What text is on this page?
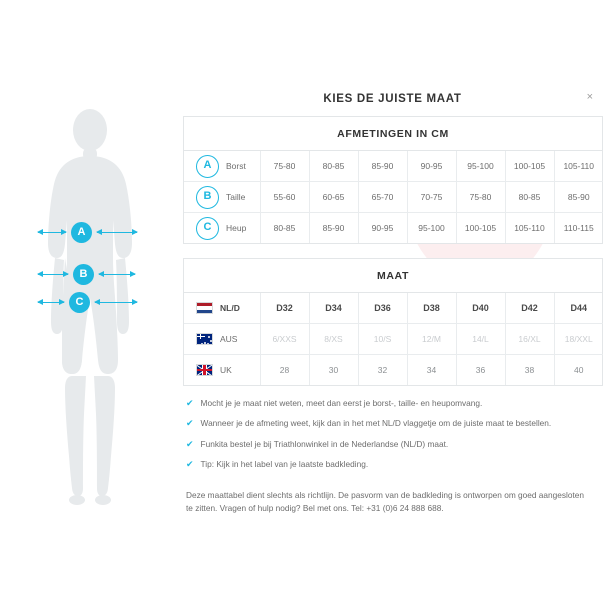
A
B
C
KIES DE JUISTE MAAT	×
AFMETINGEN IN CM
A Borst	75-80	80-85	85-90	90-95	95-100	100-105	105-110

B Taille	55-60	60-65	65-70	70-75	75-80	80-85	85-90

C Heup	80-85	85-90	90-95	95-100	100-105	105-110	110-115
MAAT
NL/D	D32	D34	D36	D38	D40	D42	D44

AUS	6/XXS	8/XS	10/S	12/M	14/L	16/XL	18/XXL

UK	28	30	32	34	36	38	40
✔ Mocht je je maat niet weten, meet dan eerst je borst-, taille- en heupomvang.
✔ Wanneer je de afmeting weet, kijk dan in het met NL/D vlaggetje om de juiste maat te bestellen.
✔ Funkita bestel je bij Triathlonwinkel in de Nederlandse (NL/D) maat.
✔ Tip: Kijk in het label van je laatste badkleding.
Deze maattabel dient slechts als richtlijn. De pasvorm van de badkleding is ontworpen om goed aangesloten te zitten. Vragen of hulp nodig? Bel met ons. Tel: +31 (0)6 24 888 688.
